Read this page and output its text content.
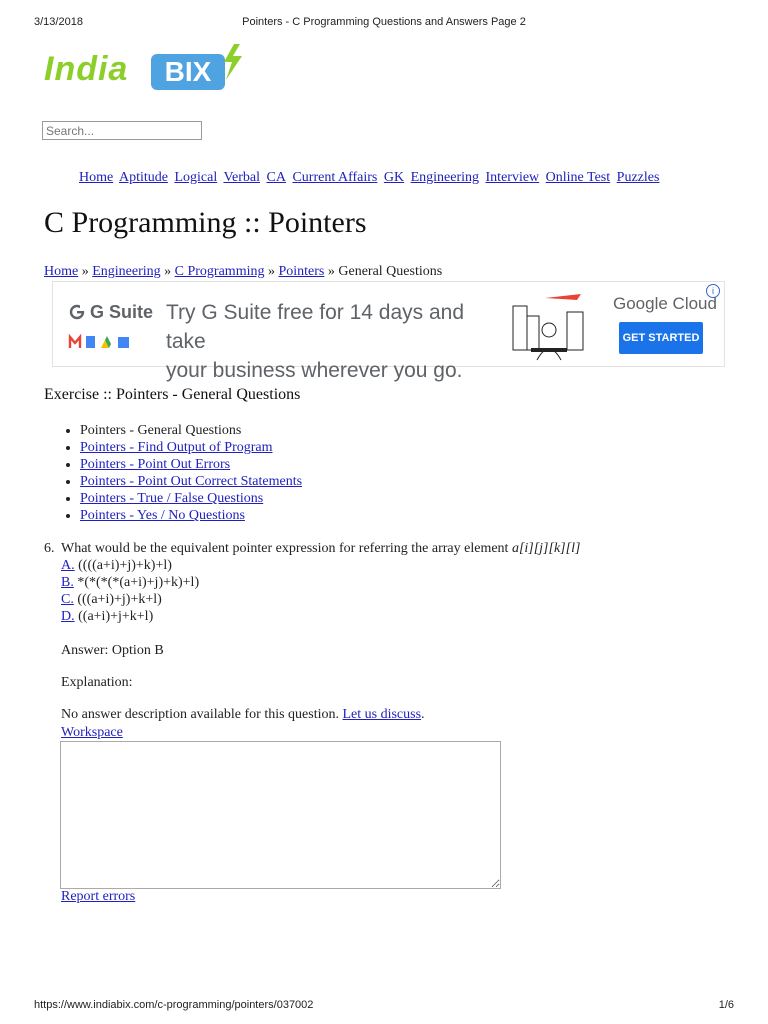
3/13/2018	Pointers - C Programming Questions and Answers Page 2
India	BIX
Search...
Home Aptitude Logical Verbal CA Current Affairs GK Engineering Interview Online Test Puzzles
C Programming :: Pointers
Home » Engineering » C Programming » Pointers » General Questions
G Suite Try G Suite free for 14 days and take
your business wherever you go.
Google Cloud
GET STARTED
i
Exercise :: Pointers - General Questions
• Pointers - General Questions
• Pointers - Find Output of Program
• Pointers - Point Out Errors
• Pointers - Point Out Correct Statements
• Pointers - True / False Questions
• Pointers - Yes / No Questions
6. What would be the equivalent pointer expression for referring the array element a[i][j][k][l]
A. ((((a+i)+j)+k)+l)
B. *(*(*(*(a+i)+j)+k)+l)
C. (((a+i)+j)+k+l)
D. ((a+i)+j+k+l)
Answer: Option B
Explanation:
No answer description available for this question. Let us discuss.
Workspace
Report errors
https://www.indiabix.com/c-programming/pointers/037002	1/6
